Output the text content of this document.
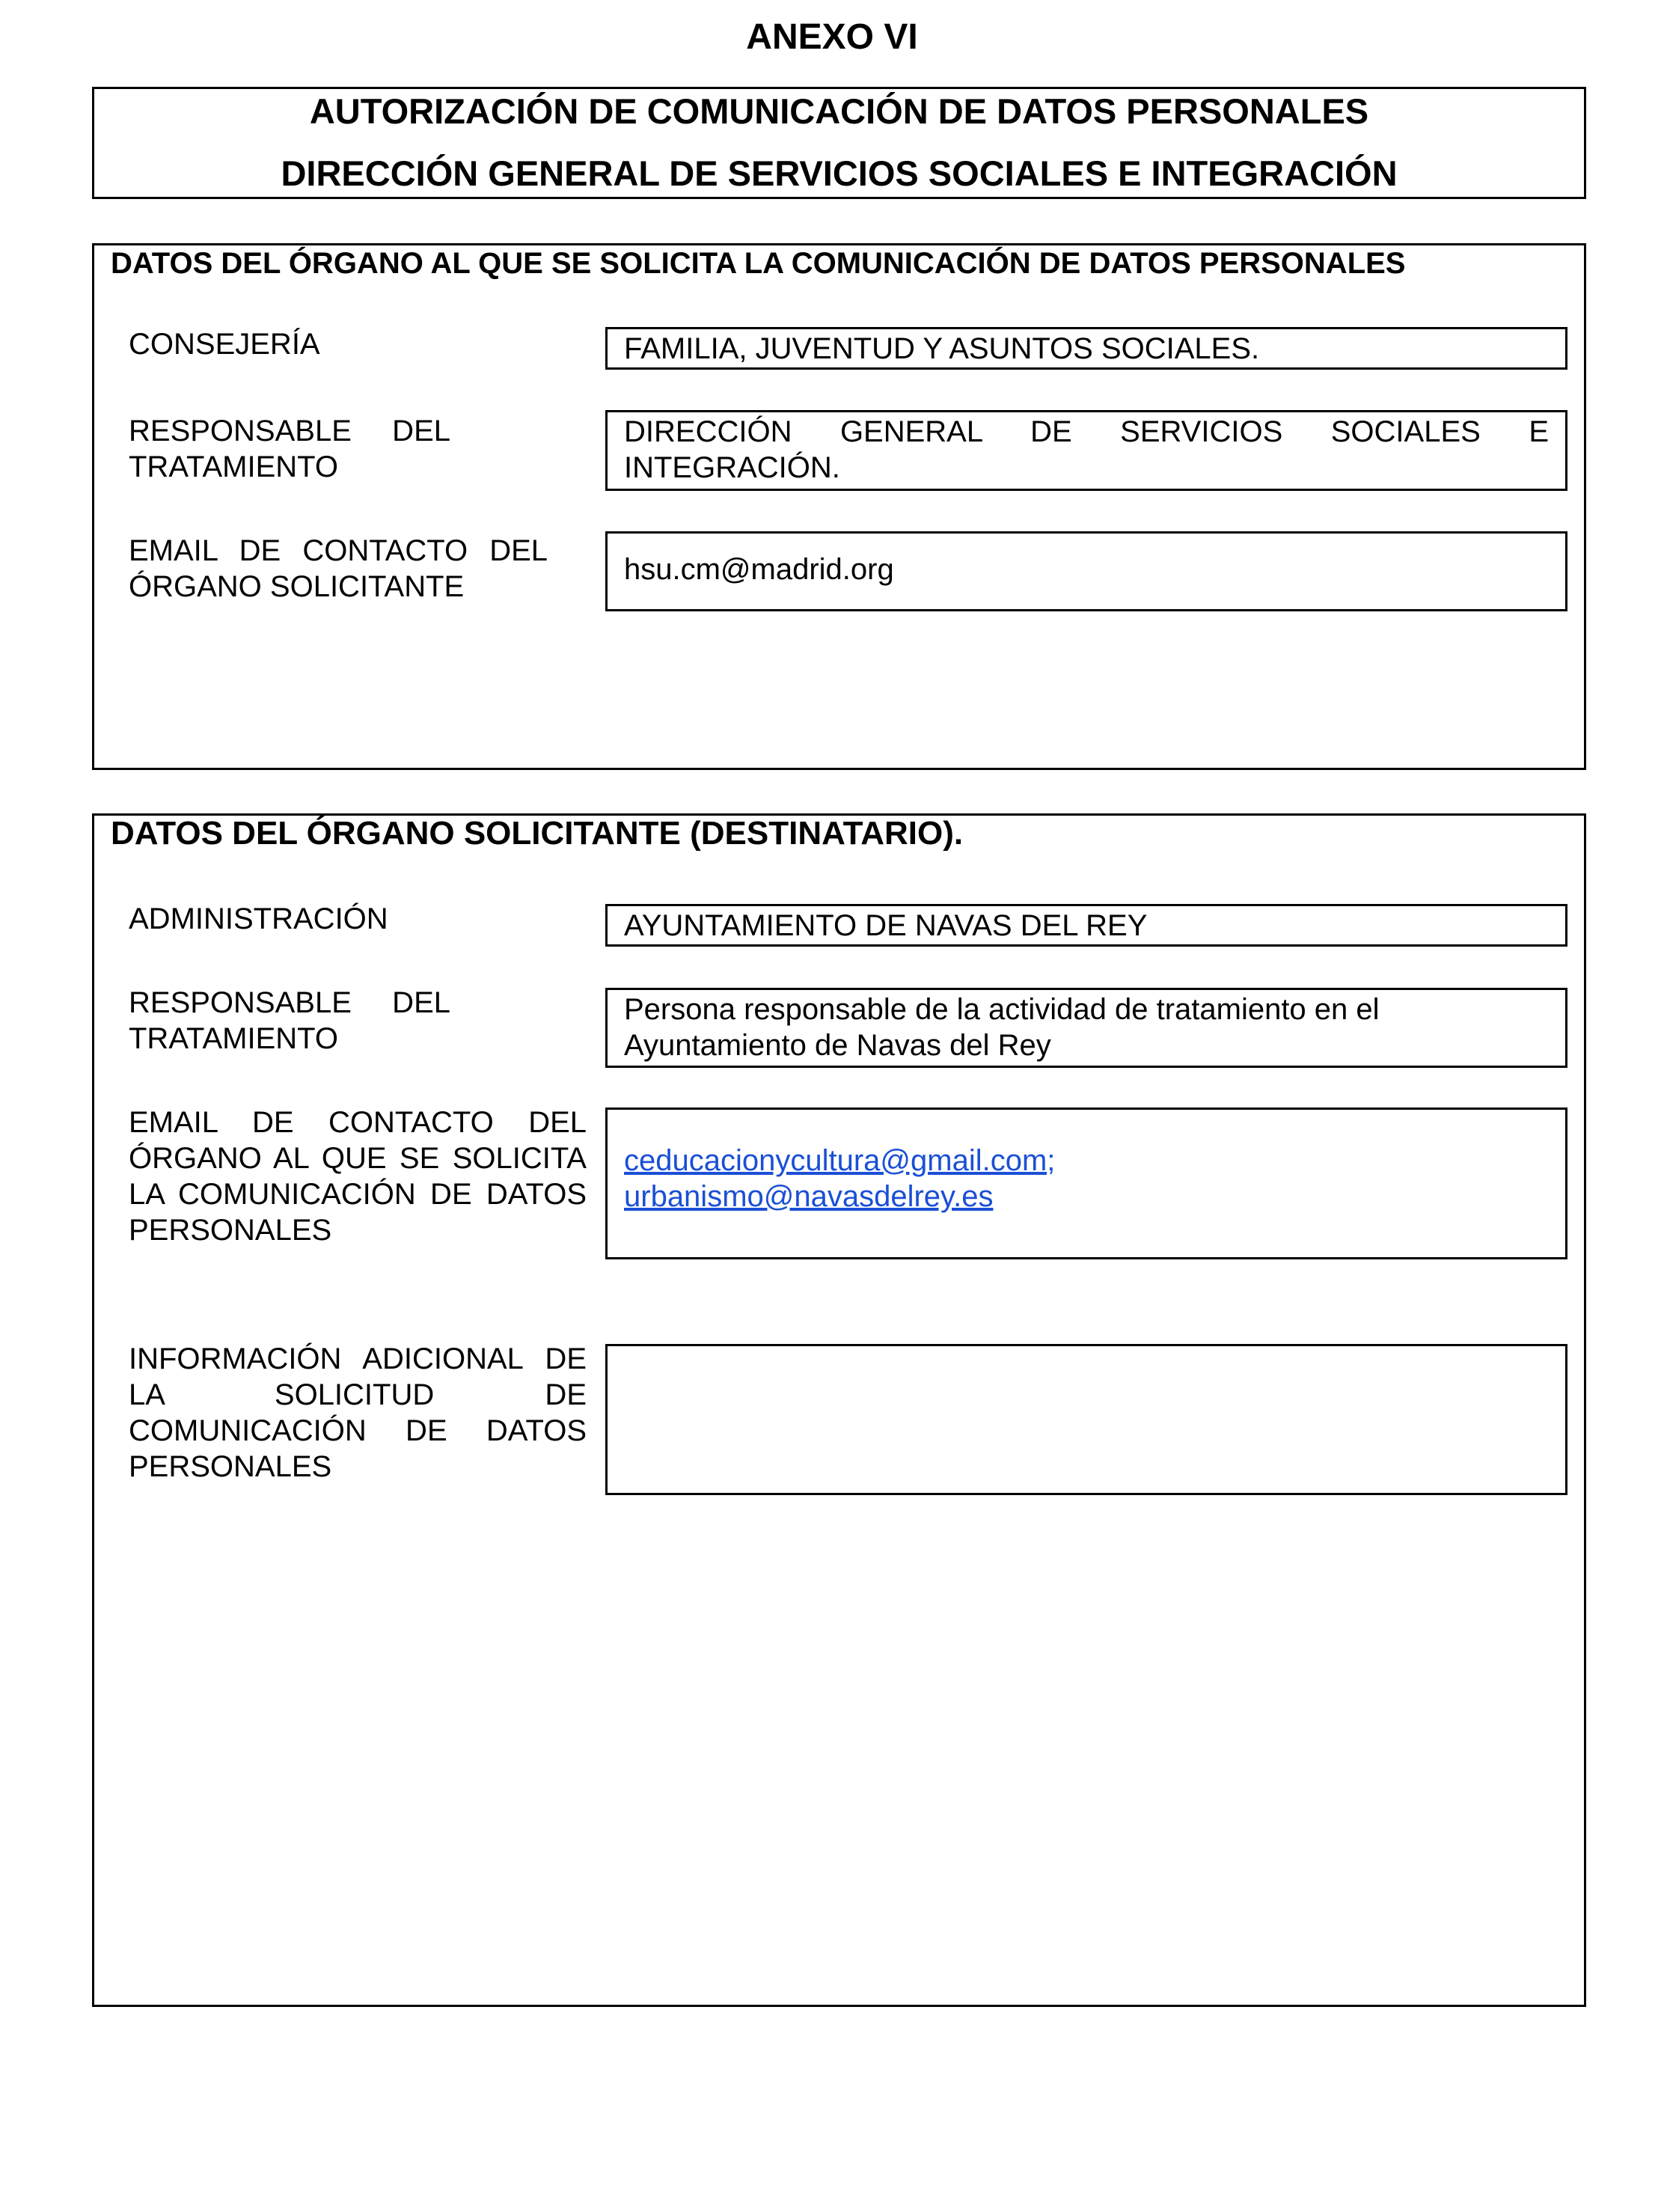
ANEXO VI
AUTORIZACIÓN DE COMUNICACIÓN DE DATOS PERSONALES
DIRECCIÓN GENERAL DE SERVICIOS SOCIALES E INTEGRACIÓN
DATOS DEL ÓRGANO AL QUE SE SOLICITA LA COMUNICACIÓN DE DATOS PERSONALES
CONSEJERÍA	FAMILIA, JUVENTUD Y ASUNTOS SOCIALES.
RESPONSABLE DEL TRATAMIENTO
DIRECCIÓN GENERAL DE SERVICIOS SOCIALES E
INTEGRACIÓN.
EMAIL DE CONTACTO DEL ÓRGANO SOLICITANTE
hsu.cm@madrid.org
DATOS DEL ÓRGANO SOLICITANTE (DESTINATARIO).
ADMINISTRACIÓN	AYUNTAMIENTO DE NAVAS DEL REY
RESPONSABLE DEL TRATAMIENTO
Persona responsable de la actividad de tratamiento en el Ayuntamiento de Navas del Rey
EMAIL DE CONTACTO DEL ÓRGANO AL QUE SE SOLICITA LA COMUNICACIÓN DE DATOS PERSONALES
ceducacionycultura@gmail.com;
urbanismo@navasdelrey.es
INFORMACIÓN ADICIONAL DE LA SOLICITUD DE COMUNICACIÓN DE DATOS PERSONALES
